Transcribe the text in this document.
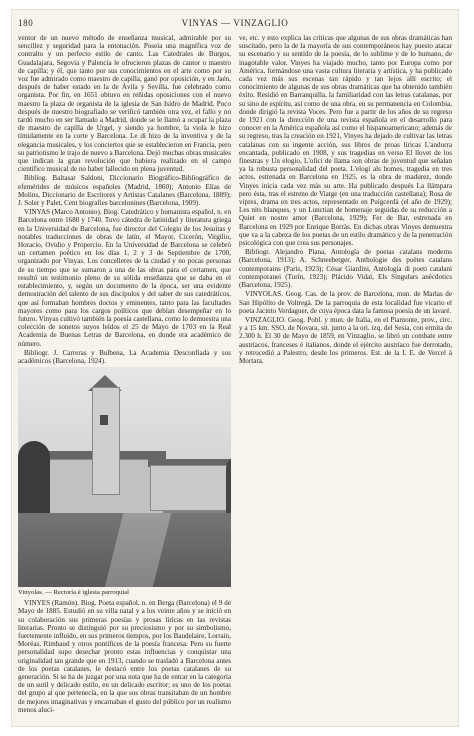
180	VINYAS — VINZAGLIO

ventor de un nuevo método de enseñanza musical, admirable por su sencillez y seguridad para la entonación. Poseía una magnífica voz de contralto y un perfecto estilo de canto. Las Catedrales de Burgos, Guadalajara, Segovia y Palencia le ofrecieron plazas de cantor o maestro de capilla; y él, que tanto por sus conocimientos en el arte como por su voz fue admirado como maestro de capilla, ganó por oposición, y en Jaén, después de haber estado en la de Ávila y Sevilla, fue celebrado como organista. Por fin, en 1651 obtuvo en reñidas oposiciones con el nuevo maestro la plaza de organista de la iglesia de San Isidro de Madrid. Poco después de nuestro biografiado se verificó también otra vez, el fallo y no tardó mucho en ser llamado a Madrid, donde se le llamó a ocupar la plaza de maestro de capilla de Urgel, y siendo ya hombre, la viola le hizo tímidamente en la corte y Barcelona. Le di hizo de la inventiva y de la elegancia musicales, y los conciertos que se establecieron en Francia, pero su patriotismo le trajo de nuevo a Barcelona. Dejó muchas obras musicales que indican la gran revolución que hubiera realizado en el campo científico musical de no haber fallecido en plena juventud.

Bibliog. Baltasar Saldoni, Diccionario Biográfico-Bibliográfico de efemérides de músicos españoles (Madrid, 1860); Antonio Elías de Molins, Diccionario de Escritores y Artistas Catalanes (Barcelona, 1889); J. Soler y Palet, Cent biografies barcelonines (Barcelona, 1909).

VINYAS (Marco Antonio). Biog. Catedrático y humanista español, n. en Barcelona entre 1680 y 1740. Tuvo cátedra de latinidad y literatura griega en la Universidad de Barcelona, fue director del Colegio de los Jesuitas y notables traducciones de obras de latín, el Mayor, Cicerón, Virgilio, Horacio, Ovidio y Propercio. En la Universidad de Barcelona se celebró un certamen poético en los días 1, 2 y 3 de Septiembre de 1700, organizado por Vinyas. Los concelleres de la ciudad y no pocas personas de su tiempo que se sumaron a una de las obras para el certamen, que resultó un testimonio pleno de su sólida enseñanza que se daba en el establecimiento, y, según un documento de la época, ser una evidente demostración del talento de sus discípulos y del saber de sus catedráticos, que así formaban hombres doctos y eminentes, tanto para las facultades mayores como para los cargos políticos que debían desempeñar en lo futuro. Vinyas cultivó también la poesía castellana, como lo demuestra una colección de sonetos suyos leídos el 25 de Mayo de 1703 en la Real Academia de Buenas Letras de Barcelona, en donde era académico de número.

Bibliogr. J. Carreras y Bulbena, La Academia Desconfiada y sus académicos (Barcelona, 1924).

Vinyolas. — Rectoría é iglesia parroquial

VINYES (Ramón). Biog. Poeta español, n. en Berga (Barcelona) el 9 de Mayo de 1885. Estudió en su villa natal y a los veinte años y se inició en su colaboración sus primeras poesías y prosas líricas en las revistas literarias. Pronto se distinguió por su preciosismo y por su simbolismo, fuertemente influído, en sus primeros tiempos, por los Baudelaire, Lorrain, Moréas, Rimbaud y otros pontífices de la poesía francesa. Pero su fuerte personalidad supo desechar pronto estas influencias y conquistar una originalidad tan grande que en 1913, cuando se trasladó a Barcelona antes de los poetas catalanes, le destacó entre los poetas catalanes de su generación. Si se ha de juzgar por una nota que ha de entrar en la categoría de un sutil y delicado estilo, en un delicado escritor; es uno de los poetas del grupo al que pertenecía, en la que sus obras transitaban de un hombre de mejores imaginativas y encarnaban el gusto del público por un realismo menos alucí-

ve, etc. y esto explica las críticas que algunas de sus obras dramáticas han suscitado, pero la de la mayoría de sus contemporáneos hay puesto atacar su escenario y su sentido de la poesía, de lo sublime y de lo humano, de inagotable valor. Vinyes ha viajado mucho, tanto por Europa como por América, formándose una vasta cultura literaria y artística, y ha publicado cada vez más sus escenas tan rápido y tan lejos allí escrito; el conocimiento de algunas de sus obras dramáticas que ha obtenido también éxito. Residió en Barranquilla, la familiaridad con las letras catalanas, por su sino de espíritu, así como de una obra, en su permanencia en Colombia, donde dirigió la revista Voces. Pero fue a partir de los años de su regreso de 1921 con la dirección de una revista española en el desarrollo para conocer en la América española así como el hispanoamericano; además de su regreso, tras la creación en 1921, Vinyes ha dejado de cultivar las letras catalanas con su ingente acción, sus libros de proas líricas L'andorra encantada, publicado en 1908, y sus tragedias en verso El llovet de los finestras y Un elogio, L'ofici de llama son obras de juventud que señalan ya la robusta personalidad del poeta. L'elogi als homes, tragedia en tres actos, estrenada en Barcelona en 1925, es la obra de madurez, donde Vinyes inicia cada vez más su arte. Ha publicado después La llámpara pero ésta, tras el estreno de Viatge (en una traducción castellana); Rosa de vipres, drama en tres actos, representado en Puigcerdà (el año de 1929); Les nits blanques, y un Lunctian de homenaje seguidas de su reducción a Quiet en nostre amor (Barcelona, 1929); Fer de Bar, estrenada en Barcelona en 1929 por Enrique Borràs. En dichas obras Vinyes demuestra que va a la cabeza de los poetas de un estilo dramático y de la penetración psicológica con que crea sus personajes.

Bibliogr. Alejandro Plana, Antología de poetas catalans moderns (Barcelona, 1913); A. Schneeberger, Anthologie des poètes catalans contemporains (Paris, 1923); Cèsar Giardini, Antologia di poeti catalani contemporanei (Turín, 1923); Plácido Vidal, Els Singulars anècdotics (Barcelona, 1925).

VINYOLAS. Geog. Cas. de la prov. de Barcelona, mun. de Marlas de San Hipólito de Voltregà. De la parroquia de esta localidad fue vicario el poeta Jacinto Verdaguer, de cuya época data la famosa poesía de un lavaré.

VINZAGLIO. Geog. Pobl. y mun. de Italia, en el Piamonte, prov., circ. y a 15 km. SSO. de Novara, sit. junto a la ori. izq. del Sesia, con ermita de 2.300 h. El 30 de Mayo de 1859, en Vinzaglio, se libró un combate entre austriacos, franceses é italianos, donde el ejército austríaco fue derrotado, y retrocedió a Palestro, desde los primeros. Est. de la I. E. de Vercel á Mortara.
